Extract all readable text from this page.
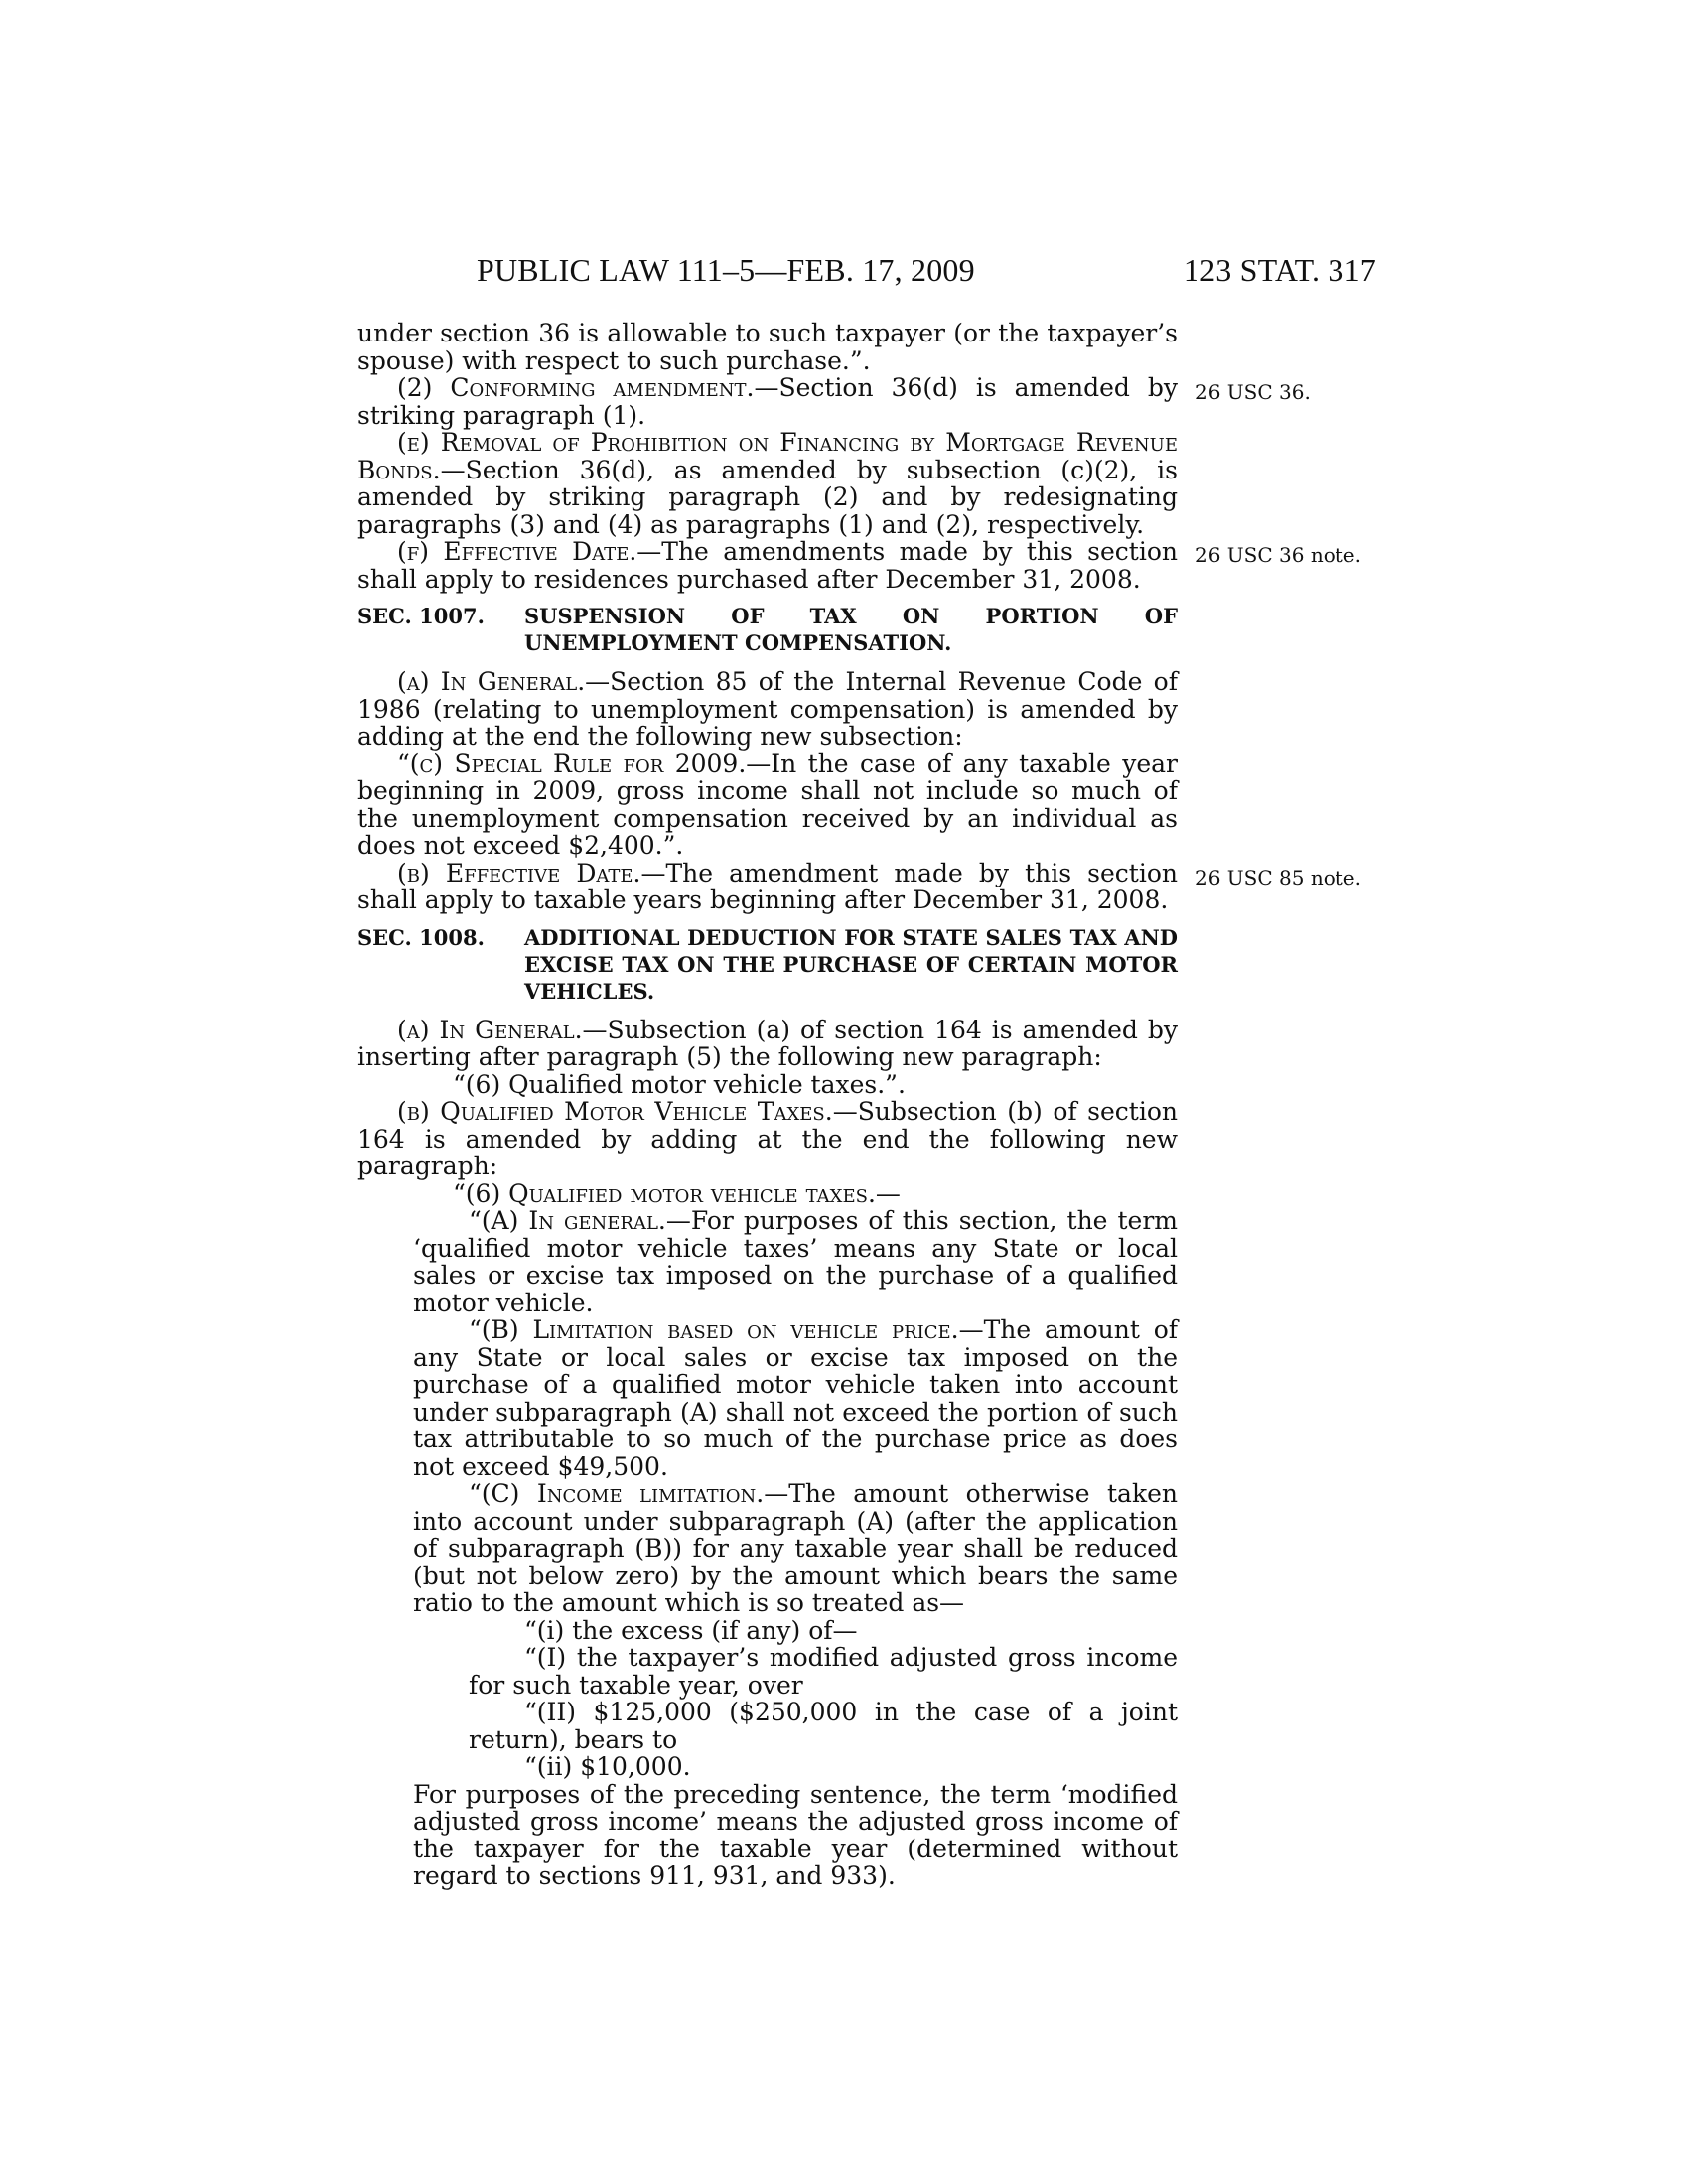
PUBLIC LAW 111–5—FEB. 17, 2009	123 STAT. 317
26 USC 36.
26 USC 36 note.
26 USC 85 note.

under section 36 is allowable to such taxpayer (or the taxpayer’s spouse) with respect to such purchase.”.

(2) Conforming amendment.—Section 36(d) is amended by striking paragraph (1).

(e) Removal of Prohibition on Financing by Mortgage Revenue Bonds.—Section 36(d), as amended by subsection (c)(2), is amended by striking paragraph (2) and by redesignating paragraphs (3) and (4) as paragraphs (1) and (2), respectively.

(f) Effective Date.—The amendments made by this section shall apply to residences purchased after December 31, 2008.

SEC. 1007. SUSPENSION OF TAX ON PORTION OF UNEMPLOYMENT COMPENSATION.

(a) In General.—Section 85 of the Internal Revenue Code of 1986 (relating to unemployment compensation) is amended by adding at the end the following new subsection:

“(c) Special Rule for 2009.—In the case of any taxable year beginning in 2009, gross income shall not include so much of the unemployment compensation received by an individual as does not exceed $2,400.”.

(b) Effective Date.—The amendment made by this section shall apply to taxable years beginning after December 31, 2008.

SEC. 1008. ADDITIONAL DEDUCTION FOR STATE SALES TAX AND EXCISE TAX ON THE PURCHASE OF CERTAIN MOTOR VEHICLES.

(a) In General.—Subsection (a) of section 164 is amended by inserting after paragraph (5) the following new paragraph:

“(6) Qualified motor vehicle taxes.”.

(b) Qualified Motor Vehicle Taxes.—Subsection (b) of section 164 is amended by adding at the end the following new paragraph:

“(6) Qualified motor vehicle taxes.—

“(A) In general.—For purposes of this section, the term ‘qualified motor vehicle taxes’ means any State or local sales or excise tax imposed on the purchase of a qualified motor vehicle.

“(B) Limitation based on vehicle price.—The amount of any State or local sales or excise tax imposed on the purchase of a qualified motor vehicle taken into account under subparagraph (A) shall not exceed the portion of such tax attributable to so much of the purchase price as does not exceed $49,500.

“(C) Income limitation.—The amount otherwise taken into account under subparagraph (A) (after the application of subparagraph (B)) for any taxable year shall be reduced (but not below zero) by the amount which bears the same ratio to the amount which is so treated as—

“(i) the excess (if any) of—

“(I) the taxpayer’s modified adjusted gross income for such taxable year, over

“(II) $125,000 ($250,000 in the case of a joint return), bears to

“(ii) $10,000.

For purposes of the preceding sentence, the term ‘modified adjusted gross income’ means the adjusted gross income of the taxpayer for the taxable year (determined without regard to sections 911, 931, and 933).
